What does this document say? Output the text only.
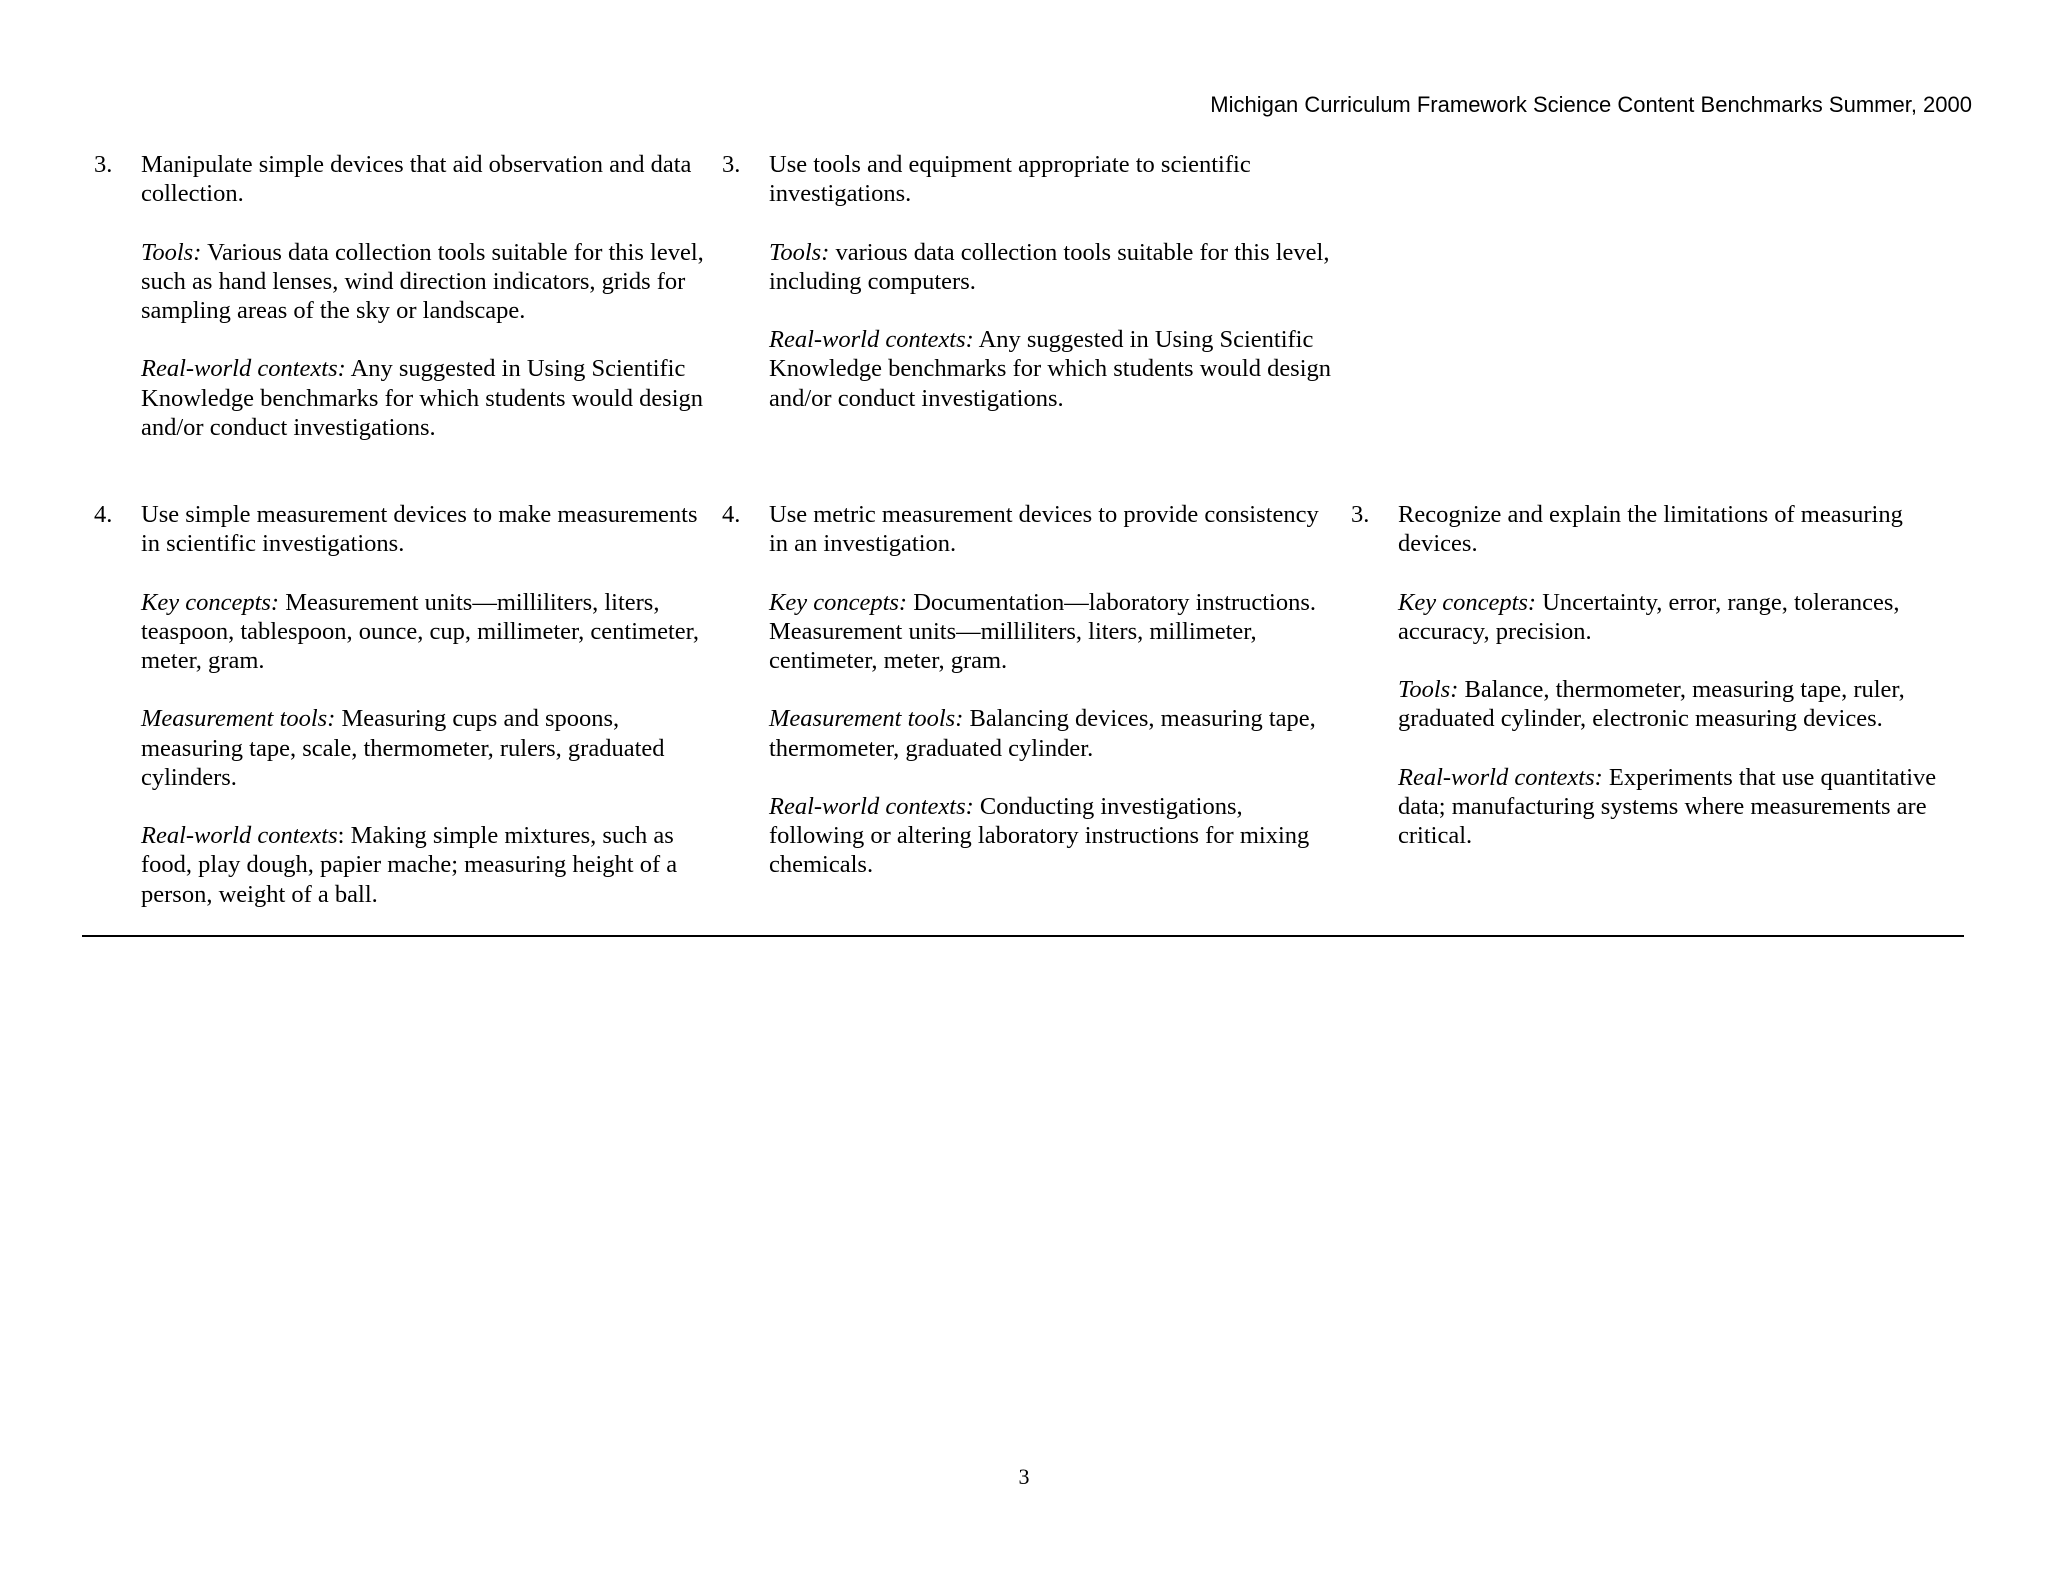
Michigan Curriculum Framework Science Content Benchmarks Summer, 2000
3. Manipulate simple devices that aid observation and data collection.

Tools: Various data collection tools suitable for this level, such as hand lenses, wind direction indicators, grids for sampling areas of the sky or landscape.

Real-world contexts: Any suggested in Using Scientific Knowledge benchmarks for which students would design and/or conduct investigations.

3. Use tools and equipment appropriate to scientific investigations.

Tools: various data collection tools suitable for this level, including computers.

Real-world contexts: Any suggested in Using Scientific Knowledge benchmarks for which students would design and/or conduct investigations.

4. Use simple measurement devices to make measurements in scientific investigations.

Key concepts: Measurement units—milliliters, liters, teaspoon, tablespoon, ounce, cup, millimeter, centimeter, meter, gram.

Measurement tools: Measuring cups and spoons, measuring tape, scale, thermometer, rulers, graduated cylinders.

Real-world contexts: Making simple mixtures, such as food, play dough, papier mache; measuring height of a person, weight of a ball.

4. Use metric measurement devices to provide consistency in an investigation.

Key concepts: Documentation—laboratory instructions. Measurement units—milliliters, liters, millimeter, centimeter, meter, gram.

Measurement tools: Balancing devices, measuring tape, thermometer, graduated cylinder.

Real-world contexts: Conducting investigations, following or altering laboratory instructions for mixing chemicals.

3. Recognize and explain the limitations of measuring devices.

Key concepts: Uncertainty, error, range, tolerances, accuracy, precision.

Tools: Balance, thermometer, measuring tape, ruler, graduated cylinder, electronic measuring devices.

Real-world contexts: Experiments that use quantitative data; manufacturing systems where measurements are critical.

3
